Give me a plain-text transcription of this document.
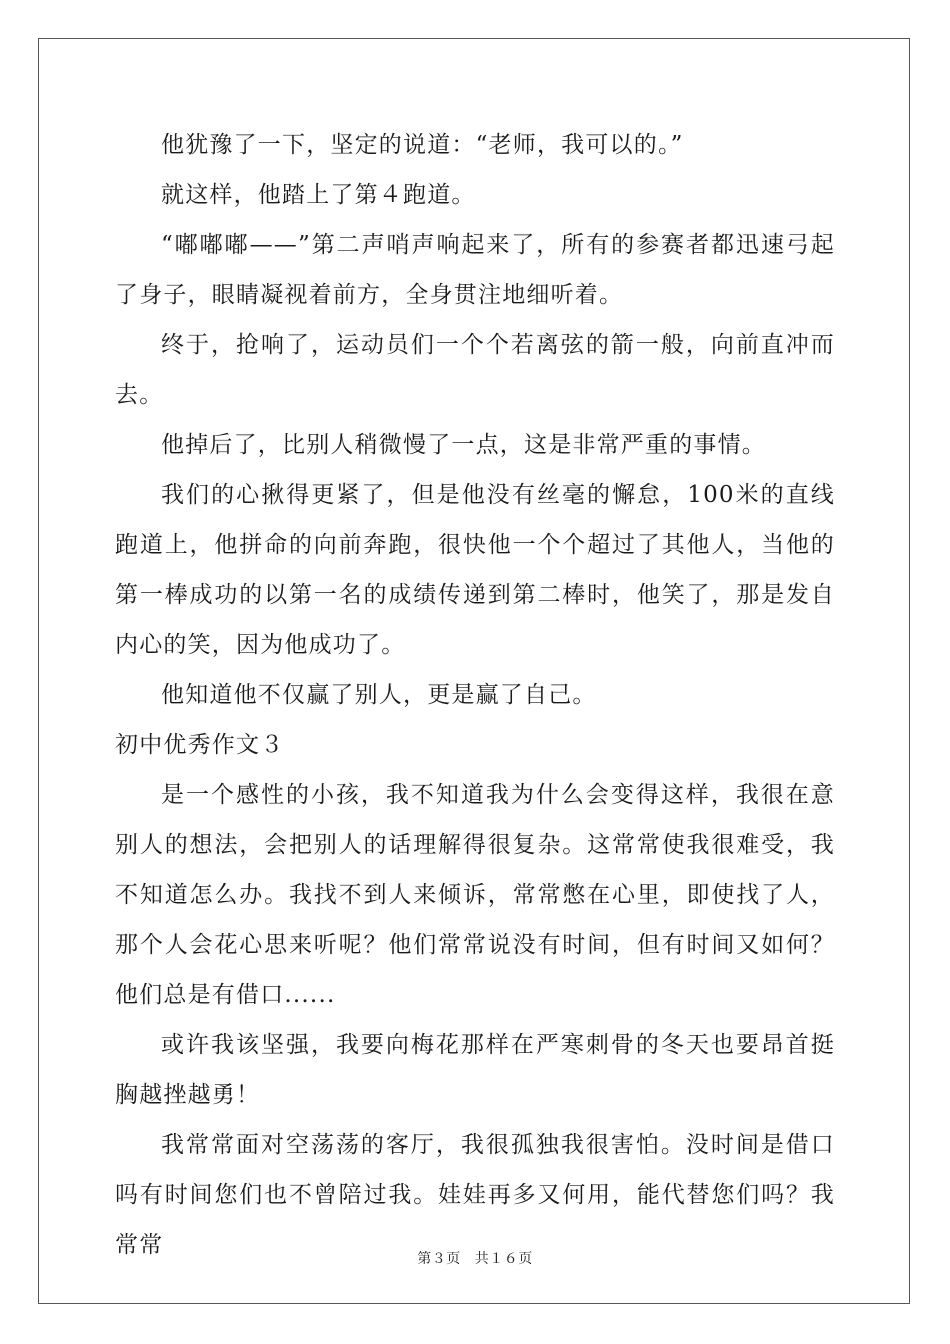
他犹豫了一下，坚定的说道：“老师，我可以的。”

就这样，他踏上了第４跑道。

“嘟嘟嘟——”第二声哨声响起来了，所有的参赛者都迅速弓起了身子，眼睛凝视着前方，全身贯注地细听着。

终于，抢响了，运动员们一个个若离弦的箭一般，向前直冲而去。

他掉后了，比别人稍微慢了一点，这是非常严重的事情。

我们的心揪得更紧了，但是他没有丝毫的懈怠，100米的直线跑道上，他拼命的向前奔跑，很快他一个个超过了其他人，当他的第一棒成功的以第一名的成绩传递到第二棒时，他笑了，那是发自内心的笑，因为他成功了。

他知道他不仅赢了别人，更是赢了自己。

初中优秀作文３

是一个感性的小孩，我不知道我为什么会变得这样，我很在意别人的想法，会把别人的话理解得很复杂。这常常使我很难受，我不知道怎么办。我找不到人来倾诉，常常憋在心里，即使找了人，那个人会花心思来听呢？他们常常说没有时间，但有时间又如何？他们总是有借口......

或许我该坚强，我要向梅花那样在严寒刺骨的冬天也要昂首挺胸越挫越勇！

我常常面对空荡荡的客厅，我很孤独我很害怕。没时间是借口吗有时间您们也不曾陪过我。娃娃再多又何用，能代替您们吗？我常常

第３页 共１６页
